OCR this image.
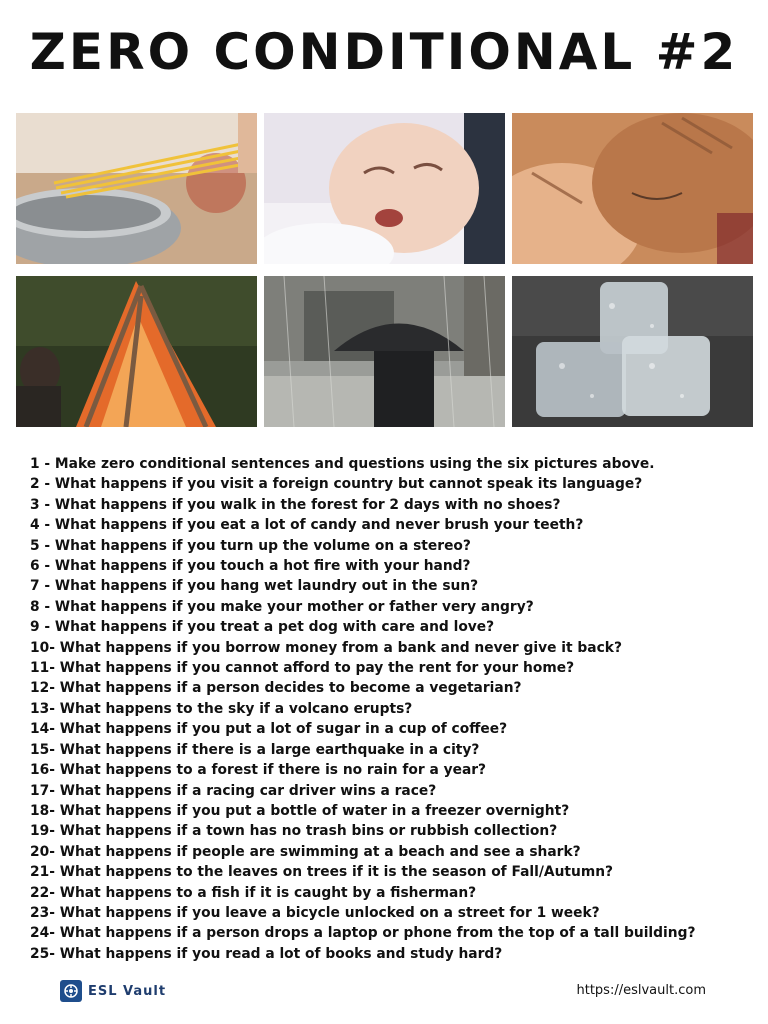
ZERO CONDITIONAL #2
1 - Make zero conditional sentences and questions using the six pictures above.
2 - What happens if you visit a foreign country but cannot speak its language?
3 - What happens if you walk in the forest for 2 days with no shoes?
4 - What happens if you eat a lot of candy and never brush your teeth?
5 - What happens if you turn up the volume on a stereo?
6 - What happens if you touch a hot fire with your hand?
7 - What happens if you hang wet laundry out in the sun?
8 - What happens if you make your mother or father very angry?
9 - What happens if you treat a pet dog with care and love?
10- What happens if you borrow money from a bank and never give it back?
11- What happens if you cannot afford to pay the rent for your home?
12- What happens if a person decides to become a vegetarian?
13- What happens to the sky if a volcano erupts?
14- What happens if you put a lot of sugar in a cup of coffee?
15- What happens if there is a large earthquake in a city?
16- What happens to a forest if there is no rain for a year?
17- What happens if a racing car driver wins a race?
18- What happens if you put a bottle of water in a freezer overnight?
19- What happens if a town has no trash bins or rubbish collection?
20- What happens if people are swimming at a beach and see a shark?
21- What happens to the leaves on trees if it is the season of Fall/Autumn?
22- What happens to a fish if it is caught by a fisherman?
23- What happens if you leave a bicycle unlocked on a street for 1 week?
24- What happens if a person drops a laptop or phone from the top of a tall building?
25- What happens if you read a lot of books and study hard?
ESL Vault	https://eslvault.com
